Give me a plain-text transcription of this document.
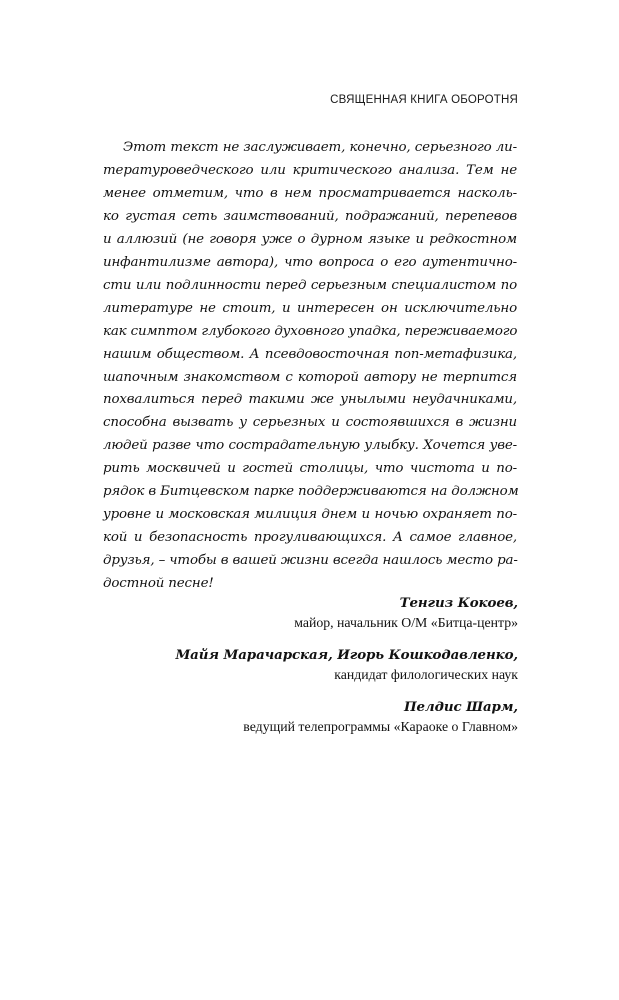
СВЯЩЕННАЯ КНИГА ОБОРОТНЯ
Этот текст не заслуживает, конечно, серьезного ли-
тературоведческого или критического анализа. Тем не
менее отметим, что в нем просматривается насколь-
ко густая сеть заимствований, подражаний, перепевов
и аллюзий (не говоря уже о дурном языке и редкостном
инфантилизме автора), что вопроса о его аутентично-
сти или подлинности перед серьезным специалистом по
литературе не стоит, и интересен он исключительно
как симптом глубокого духовного упадка, переживаемого
нашим обществом. А псевдовосточная поп-метафизика,
шапочным знакомством с которой автору не терпится
похвалиться перед такими же унылыми неудачниками,
способна вызвать у серьезных и состоявшихся в жизни
людей разве что сострадательную улыбку. Хочется уве-
рить москвичей и гостей столицы, что чистота и по-
рядок в Битцевском парке поддерживаются на должном
уровне и московская милиция днем и ночью охраняет по-
кой и безопасность прогуливающихся. А самое главное,
друзья, – чтобы в вашей жизни всегда нашлось место ра-
достной песне!
Тенгиз Кокоев,
майор, начальник О/М «Битца-центр»
Майя Марачарская, Игорь Кошкодавленко,
кандидат филологических наук
Пелдис Шарм,
ведущий телепрограммы «Караоке о Главном»
